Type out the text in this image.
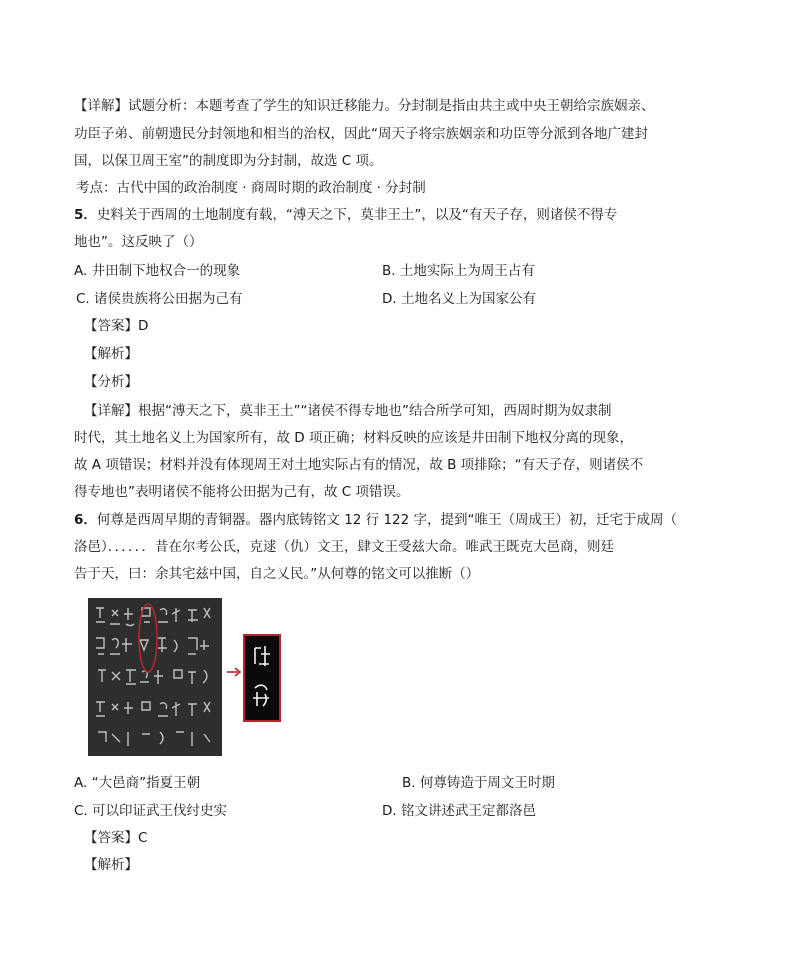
【详解】试题分析：本题考查了学生的知识迁移能力。分封制是指由共主或中央王朝给宗族姻亲、
功臣子弟、前朝遗民分封领地和相当的治权，因此“周天子将宗族姻亲和功臣等分派到各地广建封
国，以保卫周王室”的制度即为分封制，故选 C 项。
考点：古代中国的政治制度 · 商周时期的政治制度 · 分封制
5．史料关于西周的土地制度有载，“溥天之下，莫非王土”，以及“有天子存，则诸侯不得专
地也”。这反映了（）
A. 井田制下地权合一的现象	B. 土地实际上为周王占有
C. 诸侯贵族将公田据为己有	D. 土地名义上为国家公有
【答案】D
【解析】
【分析】
【详解】根据“溥天之下，莫非王土”“诸侯不得专地也”结合所学可知，西周时期为奴隶制
时代，其土地名义上为国家所有，故 D 项正确；材料反映的应该是井田制下地权分离的现象，
故 A 项错误；材料并没有体现周王对土地实际占有的情况，故 B 项排除；“有天子存，则诸侯不
得专地也”表明诸侯不能将公田据为己有，故 C 项错误。
6．何尊是西周早期的青铜器。器内底铸铭文 12 行 122 字，提到“唯王（周成王）初，迁宅于成周（
洛邑）．．．．．．昔在尔考公氏，克逑（仇）文王，肆文王受兹大命。唯武王既克大邑商，则廷
告于天，曰：余其宅兹中国，自之乂民。”从何尊的铭文可以推断（）
A. “大邑商”指夏王朝	B. 何尊铸造于周文王时期
C. 可以印证武王伐纣史实	D. 铭文讲述武王定都洛邑
【答案】C
【解析】
